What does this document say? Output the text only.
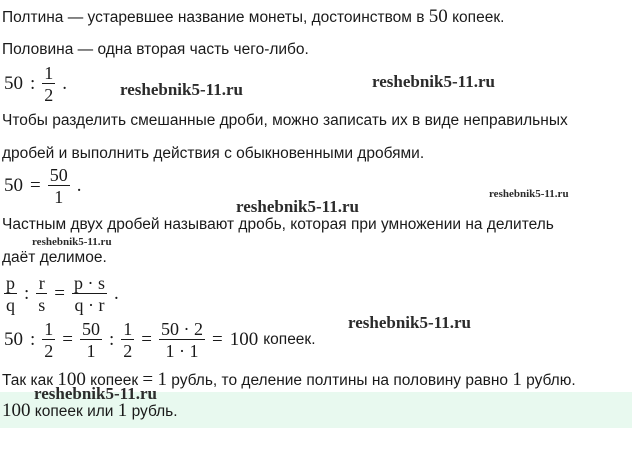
Полтина — устаревшее название монеты, достоинством в 50 копеек.
Половина — одна вторая часть чего-либо.
50 : $\frac{1}{2}$ .
Чтобы разделить смешанные дроби, можно записать их в виде неправильных
дробей и выполнить действия с обыкновенными дробями.
$50 = \frac{50}{1}$ .
Частным двух дробей называют дробь, которая при умножении на делитель
даёт делимое.
$\frac{p}{q}$ : $\frac{r}{s} = \frac{p \cdot s}{q \cdot r}$ .
50 : $\frac{1}{2} = \frac{50}{1}$ : $\frac{1}{2} = \frac{50 \cdot 2}{1 \cdot 1} = 100$ копеек.
Так как 100 копеек = 1 рубль, то деление полтины на половину равно 1 рублю.
100 копеек или 1 рубль.
reshebnik5-11.ru	reshebnik5-11.ru
reshebnik5-11.ru
reshebnik5-11.ru
reshebnik5-11.ru
reshebnik5-11.ru
reshebnik5-11.ru
